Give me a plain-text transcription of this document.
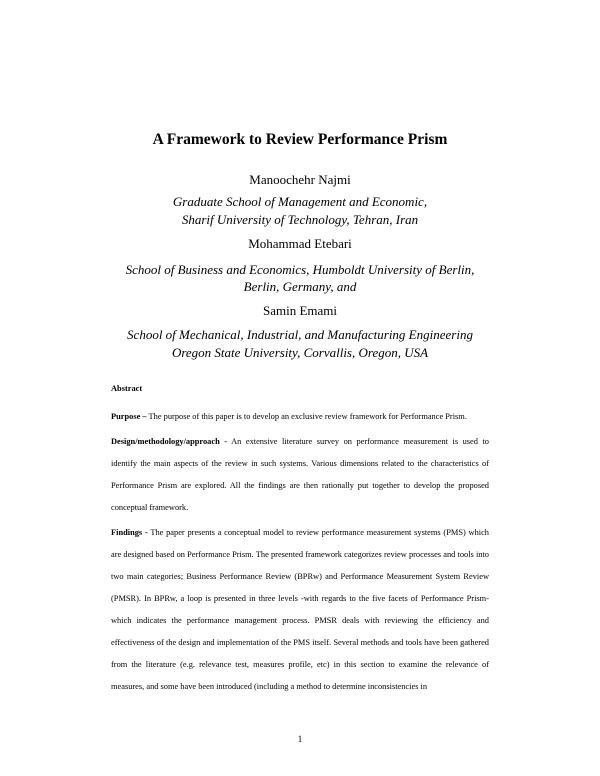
A Framework to Review Performance Prism
Manoochehr Najmi
Graduate School of Management and Economic,
Sharif University of Technology, Tehran, Iran
Mohammad Etebari
School of Business and Economics, Humboldt University of Berlin,
Berlin, Germany, and
Samin Emami
School of Mechanical, Industrial, and Manufacturing Engineering
Oregon State University, Corvallis, Oregon, USA
Abstract

Purpose – The purpose of this paper is to develop an exclusive review framework for Performance Prism.

Design/methodology/approach - An extensive literature survey on performance measurement is used to identify the main aspects of the review in such systems. Various dimensions related to the characteristics of Performance Prism are explored. All the findings are then rationally put together to develop the proposed conceptual framework.

Findings - The paper presents a conceptual model to review performance measurement systems (PMS) which are designed based on Performance Prism. The presented framework categorizes review processes and tools into two main categories; Business Performance Review (BPRw) and Performance Measurement System Review (PMSR). In BPRw, a loop is presented in three levels -with regards to the five facets of Performance Prism- which indicates the performance management process. PMSR deals with reviewing the efficiency and effectiveness of the design and implementation of the PMS itself. Several methods and tools have been gathered from the literature (e.g. relevance test, measures profile, etc) in this section to examine the relevance of measures, and some have been introduced (including a method to determine inconsistencies in

1
